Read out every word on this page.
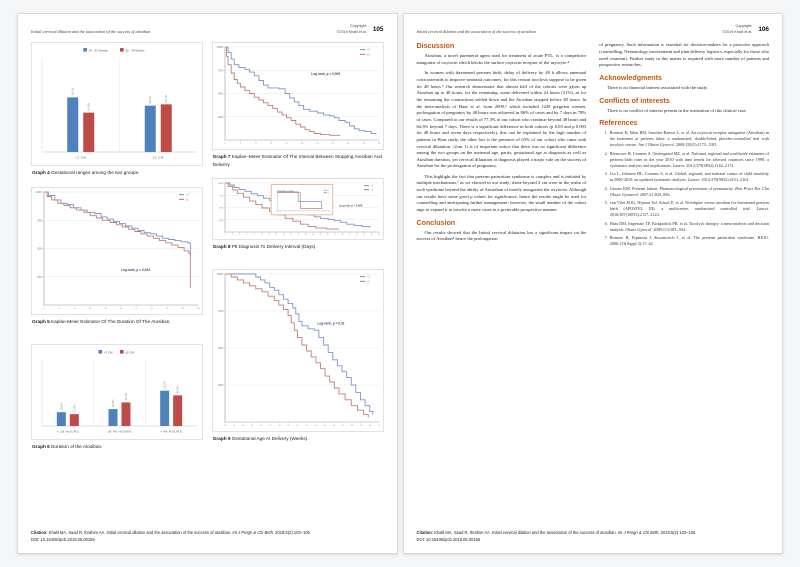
Initial cervical dilation and the association of the success of atosiban
Copyright:
©2019 Khalil et al. 105
24 - 32 Weeks	32 - 34 Weeks
58,1%
41,9%
<2 CM
49,3%	50,7%
≥2 CM
Graph 4 Gestational ranges among the two groups.
100%
75%
50%
25%
0	12	24	36	48	60	72	84	96	108	120
<2
≥2
Log-rank, p = 0,544
Graph 5 Kaplan-Meier Estimator Of The Duration Of The Atosiban.
<2 CM	≥2 CM
20,9%	17,9%
< 18 HOURS
25,6%
35,7%
18-48 HOURS
53,5%
46,4%
> 48 HOURS
Graph 6 Duration of the Atosiban.
100%
75%
50%
25%
0	6	12	18	24	30	36	42	48	54	60
<2
≥2
Log rank, p = 0,005
Graph 7 Kaplan–Meier Estimator Of The Interval Between Stopping Atosiban And Delivery
100%
75%
50%
25%
0	3	6	9	12	15	18	21	24	27	30	33	36	39	42	45	48	51	54	57	60	63
Log rank, p = 0,04	<2
≥2
<2
≥2
Log rank, p = 0,008
Graph 8 Ptl Diagnosis To Delivery Interval (Days).
100%
75%
50%
25%
24	25	26	27	28	29	30	31	32	33	34	35	36	37	38	39	40	41
<2
≥2
Log-rank, p = 0,01
Graph 9 Gestational Age At Delivery (Weeks).
Citation: Khalil MA, Saad R, Ibrahim AA. Initial cervical dilation and the association of the success of atosiban. Int J Pregn & Chi Birth. 2019;5(2):103–106.
DOI: 10.15406/ipcb.2019.05.00156
Initial cervical dilation and the association of the success of atosiban
Copyright:
©2019 Khalil et al. 106
Discussion

Atosiban, a novel parenteral agent used for treatment of acute PTL, is a competitive antagonist of oxytocin which blocks the surface oxytocin receptor of the myocyte.⁴

In women with threatened preterm birth, delay of delivery by 48 h allows antenatal corticosteroids to improve neonatal outcomes, for this reason tocolysis suppose to be given for 48 hours.⁵ Our research demonstrate that almost half of the cohorts were given up Atosiban up to 48 hours, for the remaining, some delivered within 24 hours (31%), as for the remaining the contractions settled down and the Atosiban stopped before 48 hours. In the meta-analysis of Haas et al. from 2009,⁶ which included 1249 pregnant women, prolongation of pregnancy by 48 hours was achieved in 86% of cases and by 7 days in 78% of cases. Compared to our results of 77,3% in our cohort who continue beyond 48 hours and 64,3% beyond 7 days. There is a significant difference in both cohorts (p 0,03 and p 0,003 for 48 hours and seven days respectively), this can be explained by the high number of patients in Haas study, the other fact is the presence of 63% of our cohort who came with cervical dilatation >2cm. It is of important notice that there was no significant difference among the two groups on the maternal age, parity, gestational age at diagnosis as well as Atosiban duration, yet cervical dilatation at diagnosis played a major rule on the success of Atosiban for the prolongation of pregnancy.

This highlight the fact that preterm parturition syndrome is complex and is initiated by multiple mechanisms,⁷ as we showed in our study; those beyond 2 cm were in the realm of such syndrome beyond the ability of Atosiaban of merely antagonise the oxytocin. Although our results have some good p values for significance, hence the results might be used for counselling and anticipating further management; however, the small number of the cohort urge to expand it to involve a more cases in a preferable prospective manner.

Conclusion

Our results showed that the Initial cervical dilatation has a significant impact on the success of Atosiban⁸ hence the prolongation

of pregnancy. Such information is essential for decision-makers for a proactive approach (counselling, Neonatology involvement and plan delivery logistics, especially for those who need cesarean). Further study in this matter is required with more number of patients and prospective researches.

Acknowledgments

There is no financial interest associated with the study.

Conflicts of interests

There is no conflict of interest present in the realization of this clinical case.

References
1. Romero R, Sibai BM, Sanchez-Ramos L, et al. An oxytocin receptor antagonist (Atosiban) in the treatment of preterm labor: a randomized, double-blind, placebo-controlled trial with tocolytic rescue. Am J Obstet Gynecol. 2000;182(5):1173–1183.
2. Blencowe H, Cousens S, Oestergaard MZ, et al. National, regional and worldwide estimates of preterm birth rates in the year 2010 with time trends for selected countries since 1990: a systematic analysis and implications. Lancet. 2012;379(9832):2162–2172.
3. Liu L, Johnson HL, Cousens S, et al. Global, regional, and national causes of child mortality in 2000-2010: an updated systematic analysis. Lancet. 2012;379(9832):2151–2161.
4. Groom KM. Preterm labour. Pharmacological prevention of prematurity. Best Pract Res Clin Obstet Gynaecol. 2007;21:843–856.
5. van Vliet EOG, Nijman TaJ, Schuit E, et al. Nifedipine versus atosiban for threatened preterm birth (APOSTEL III): a multicentre, randomised controlled trial. Lancet. 2016;387(10033):2117–2124.
6. Haas DM, Imperiale TF, Kirkpatrick PR, et al. Tocolytic therapy: a meta-analysis and decision analysis. Obstet Gynecol. 2009;113:585–594.
7. Romero R, Espinoza J, Kusanovich J, et al. The preterm parturition syndrome. BJOG. 2006;113(Suppl 3):17–42.
Citation: Khalil MA, Saad R, Ibrahim AA. Initial cervical dilation and the association of the success of atosiban. Int J Pregn & Chi Birth. 2019;5(2):103–106.
DOI: 10.15406/ipcb.2019.05.00156
